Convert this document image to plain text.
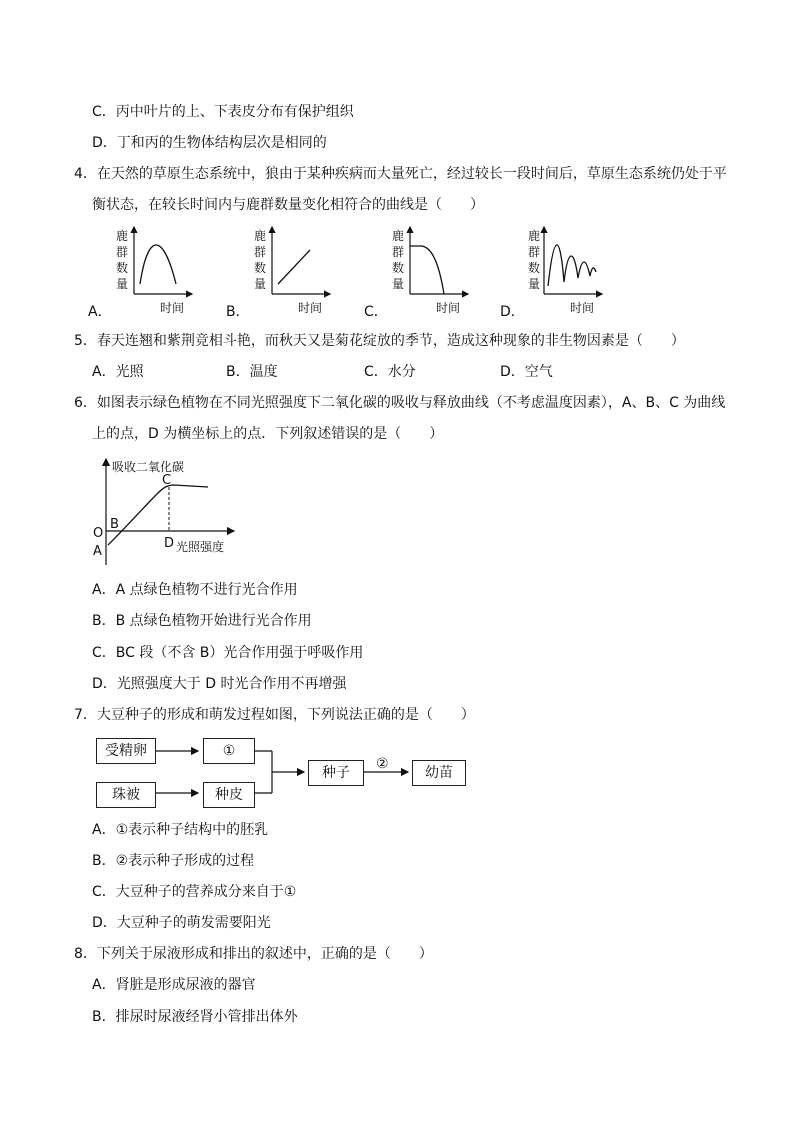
C．丙中叶片的上、下表皮分布有保护组织
D．丁和丙的生物体结构层次是相同的
4．在天然的草原生态系统中，狼由于某种疾病而大量死亡，经过较长一段时间后，草原生态系统仍处于平
衡状态，在较长时间内与鹿群数量变化相符合的曲线是（　　）
A．	B．	C．	D．
鹿
群
数
量
时间
鹿
群
数
量
时间
鹿
群
数
量
时间
鹿
群
数
量
时间
5．春天连翘和紫荆竞相斗艳，而秋天又是菊花绽放的季节，造成这种现象的非生物因素是（　　）
A．光照	B．温度	C．水分	D．空气
6．如图表示绿色植物在不同光照强度下二氧化碳的吸收与释放曲线（不考虑温度因素），A、B、C 为曲线
上的点，D 为横坐标上的点．下列叙述错误的是（　　）
吸收二氧化碳
光照强度
C
B
O
A
D
A．A 点绿色植物不进行光合作用
B．B 点绿色植物开始进行光合作用
C．BC 段（不含 B）光合作用强于呼吸作用
D．光照强度大于 D 时光合作用不再增强
7．大豆种子的形成和萌发过程如图，下列说法正确的是（　　）
②
受精卵
珠被
①
种皮
种子	幼苗
A．①表示种子结构中的胚乳
B．②表示种子形成的过程
C．大豆种子的营养成分来自于①
D．大豆种子的萌发需要阳光
8．下列关于尿液形成和排出的叙述中，正确的是（　　）
A．肾脏是形成尿液的器官
B．排尿时尿液经肾小管排出体外
